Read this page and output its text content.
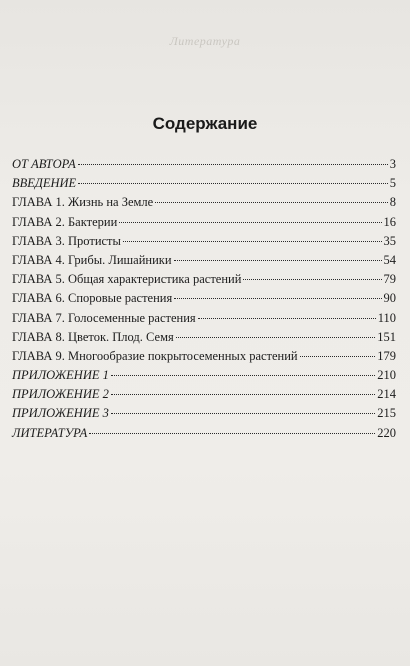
Литература
Содержание
ОТ АВТОРА	3
ВВЕДЕНИЕ	5
ГЛАВА 1. Жизнь на Земле	8
ГЛАВА 2. Бактерии	16
ГЛАВА 3. Протисты	35
ГЛАВА 4. Грибы. Лишайники	54
ГЛАВА 5. Общая характеристика растений	79
ГЛАВА 6. Споровые растения	90
ГЛАВА 7. Голосеменные растения	110
ГЛАВА 8. Цветок. Плод. Семя	151
ГЛАВА 9. Многообразие покрытосеменных растений	179
ПРИЛОЖЕНИЕ 1	210
ПРИЛОЖЕНИЕ 2	214
ПРИЛОЖЕНИЕ 3	215
ЛИТЕРАТУРА	220
